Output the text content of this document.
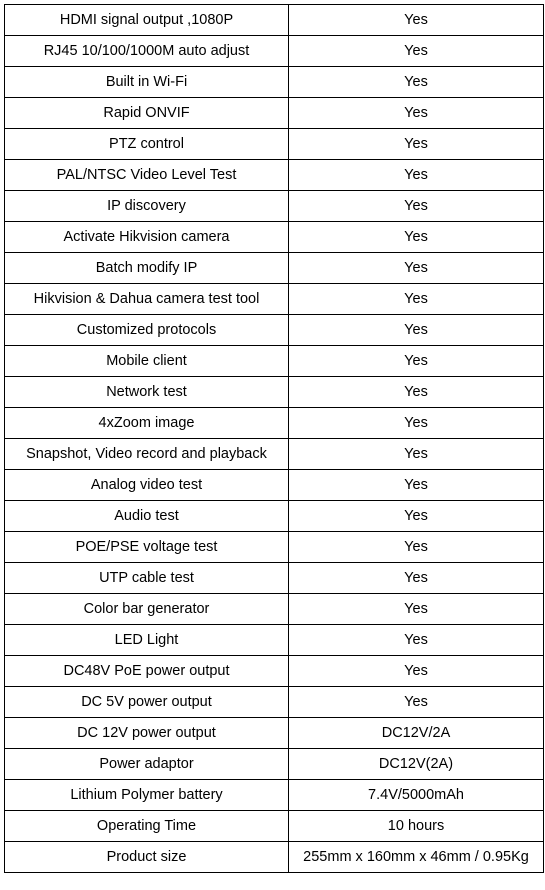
HDMI signal output ,1080P	Yes
RJ45 10/100/1000M auto adjust	Yes
Built in Wi-Fi	Yes
Rapid ONVIF	Yes
PTZ control	Yes
PAL/NTSC Video Level Test	Yes
IP discovery	Yes
Activate Hikvision camera	Yes
Batch modify IP	Yes
Hikvision & Dahua camera test tool	Yes
Customized protocols	Yes
Mobile client	Yes
Network test	Yes
4xZoom image	Yes
Snapshot, Video record and playback	Yes
Analog video test	Yes
Audio test	Yes
POE/PSE voltage test	Yes
UTP cable test	Yes
Color bar generator	Yes
LED Light	Yes
DC48V PoE power output	Yes
DC 5V power output	Yes
DC 12V power output	DC12V/2A
Power adaptor	DC12V(2A)
Lithium Polymer battery	7.4V/5000mAh
Operating Time	10 hours
Product size	255mm x 160mm x 46mm / 0.95Kg
